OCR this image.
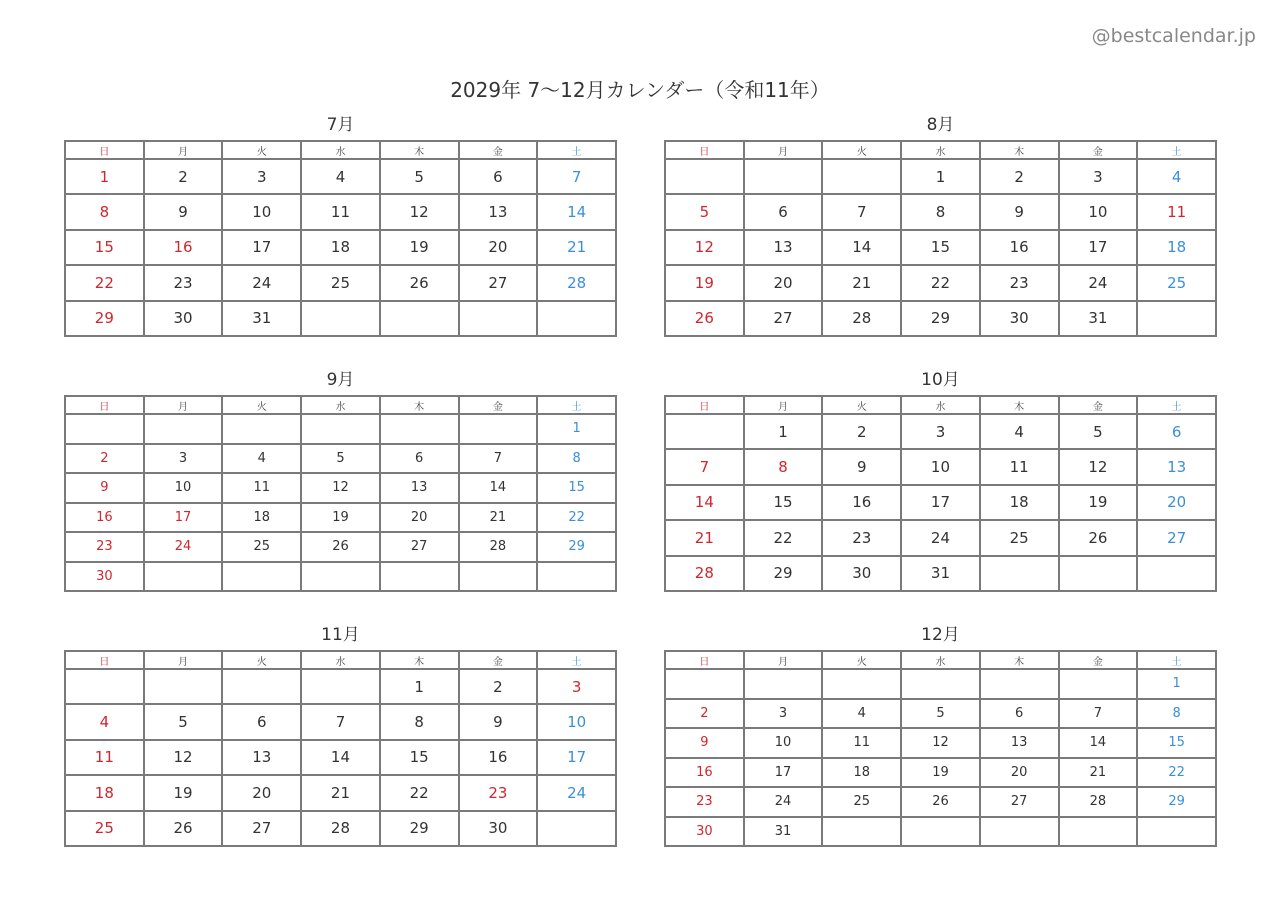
@bestcalendar.jp
2029年 7〜12月カレンダー（令和11年）
7月
日	月	火	水	木	金	土
1	2	3	4	5	6	7
8	9	10	11	12	13	14
15	16	17	18	19	20	21
22	23	24	25	26	27	28
29	30	31				
8月
日	月	火	水	木	金	土
			1	2	3	4
5	6	7	8	9	10	11
12	13	14	15	16	17	18
19	20	21	22	23	24	25
26	27	28	29	30	31	
9月
日	月	火	水	木	金	土
						1
2	3	4	5	6	7	8
9	10	11	12	13	14	15
16	17	18	19	20	21	22
23	24	25	26	27	28	29
30						
10月
日	月	火	水	木	金	土
	1	2	3	4	5	6
7	8	9	10	11	12	13
14	15	16	17	18	19	20
21	22	23	24	25	26	27
28	29	30	31			
11月
日	月	火	水	木	金	土
				1	2	3
4	5	6	7	8	9	10
11	12	13	14	15	16	17
18	19	20	21	22	23	24
25	26	27	28	29	30	
12月
日	月	火	水	木	金	土
						1
2	3	4	5	6	7	8
9	10	11	12	13	14	15
16	17	18	19	20	21	22
23	24	25	26	27	28	29
30	31					
